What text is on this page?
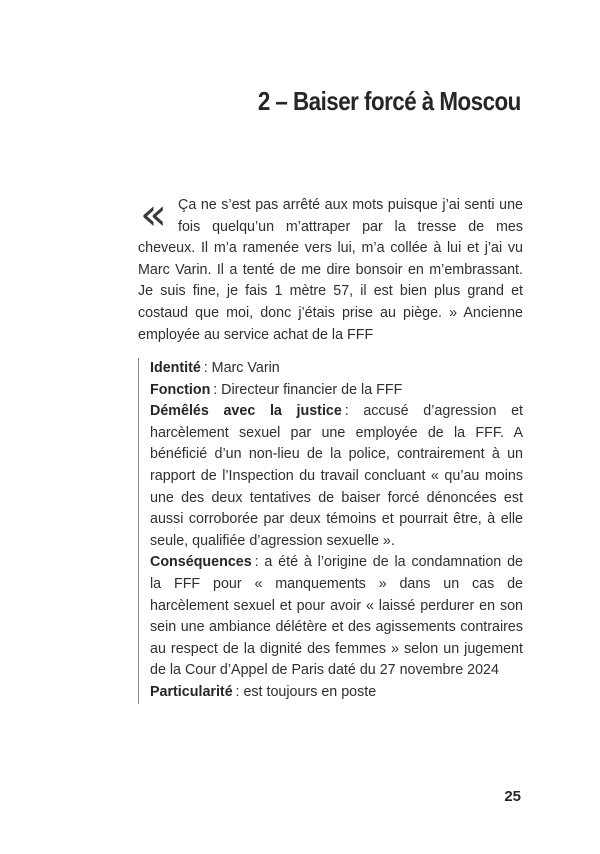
2 – Baiser forcé à Moscou
« Ça ne s’est pas arrêté aux mots puisque j’ai senti une fois quelqu’un m’attraper par la tresse de mes cheveux. Il m’a ramenée vers lui, m’a collée à lui et j’ai vu Marc Varin. Il a tenté de me dire bonsoir en m’embrassant. Je suis fine, je fais 1 mètre 57, il est bien plus grand et costaud que moi, donc j’étais prise au piège. » Ancienne employée au service achat de la FFF

Identité : Marc Varin

Fonction : Directeur financier de la FFF

Démêlés avec la justice : accusé d’agression et harcèlement sexuel par une employée de la FFF. A bénéficié d’un non-lieu de la police, contrairement à un rapport de l’Inspection du travail concluant « qu’au moins une des deux tentatives de baiser forcé dénoncées est aussi corroborée par deux témoins et pourrait être, à elle seule, qualifiée d’agression sexuelle ».

Conséquences : a été à l’origine de la condamnation de la FFF pour « manquements » dans un cas de harcèlement sexuel et pour avoir « laissé perdurer en son sein une ambiance délétère et des agissements contraires au respect de la dignité des femmes » selon un jugement de la Cour d’Appel de Paris daté du 27 novembre 2024

Particularité : est toujours en poste

25
